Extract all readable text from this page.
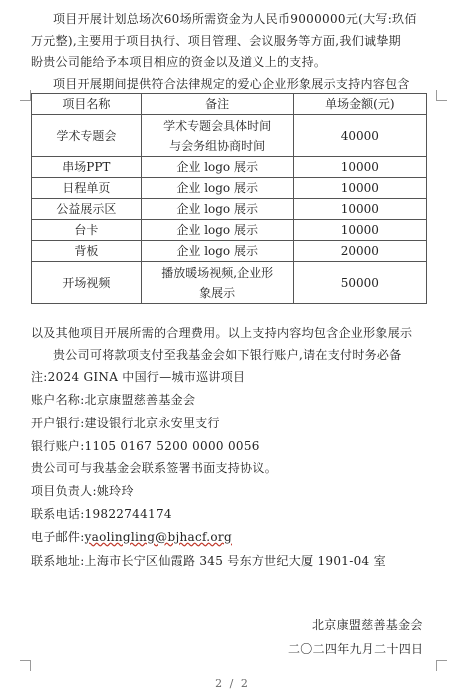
项目开展计划总场次60场所需资金为人民币9000000元(大写:玖佰
万元整),主要用于项目执行、项目管理、会议服务等方面,我们诚挚期
盼贵公司能给予本项目相应的资金以及道义上的支持。
项目开展期间提供符合法律规定的爱心企业形象展示支持内容包含
项目名称	备注	单场金额(元)
学术专题会	学术专题会具体时间
与会务组协商时间	40000
串场PPT	企业 logo 展示	10000
日程单页	企业 logo 展示	10000
公益展示区	企业 logo 展示	10000
台卡	企业 logo 展示	10000
背板	企业 logo 展示	20000
开场视频	播放暖场视频,企业形
象展示	50000
以及其他项目开展所需的合理费用。以上支持内容均包含企业形象展示
贵公司可将款项支付至我基金会如下银行账户,请在支付时务必备
注:2024 GINA 中国行—城市巡讲项目
账户名称:北京康盟慈善基金会
开户银行:建设银行北京永安里支行
银行账户:1105 0167 5200 0000 0056
贵公司可与我基金会联系签署书面支持协议。
项目负责人:姚玲玲
联系电话:19822744174
电子邮件:yaolingling@bjhacf.org
联系地址:上海市长宁区仙霞路 345 号东方世纪大厦 1901-04 室
北京康盟慈善基金会
二〇二四年九月二十四日
2 / 2
